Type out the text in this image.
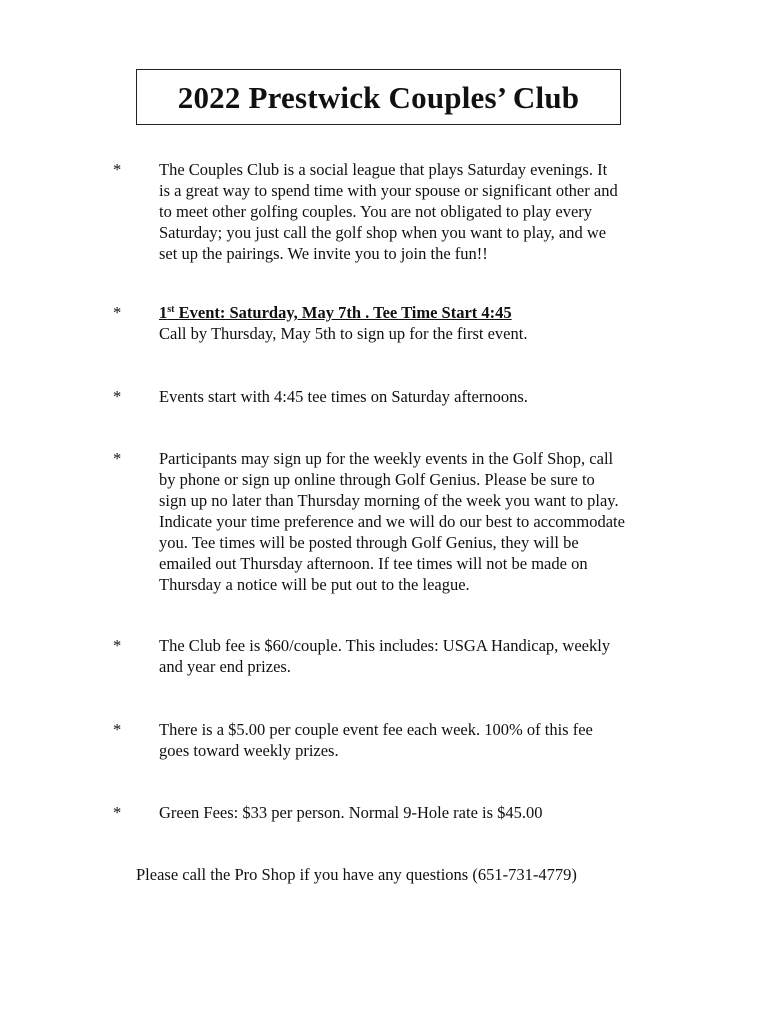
2022 Prestwick Couples’ Club
*	The Couples Club is a social league that plays Saturday evenings. It
is a great way to spend time with your spouse or significant other and
to meet other golfing couples. You are not obligated to play every
Saturday; you just call the golf shop when you want to play, and we
set up the pairings. We invite you to join the fun!!
*	1st Event: Saturday, May 7th . Tee Time Start 4:45
Call by Thursday, May 5th to sign up for the first event.
*	Events start with 4:45 tee times on Saturday afternoons.
*	Participants may sign up for the weekly events in the Golf Shop, call
by phone or sign up online through Golf Genius. Please be sure to
sign up no later than Thursday morning of the week you want to play.
Indicate your time preference and we will do our best to accommodate
you. Tee times will be posted through Golf Genius, they will be
emailed out Thursday afternoon. If tee times will not be made on
Thursday a notice will be put out to the league.
*	The Club fee is $60/couple. This includes: USGA Handicap, weekly
and year end prizes.
*	There is a $5.00 per couple event fee each week. 100% of this fee
goes toward weekly prizes.
*	Green Fees: $33 per person. Normal 9-Hole rate is $45.00
Please call the Pro Shop if you have any questions (651-731-4779)
